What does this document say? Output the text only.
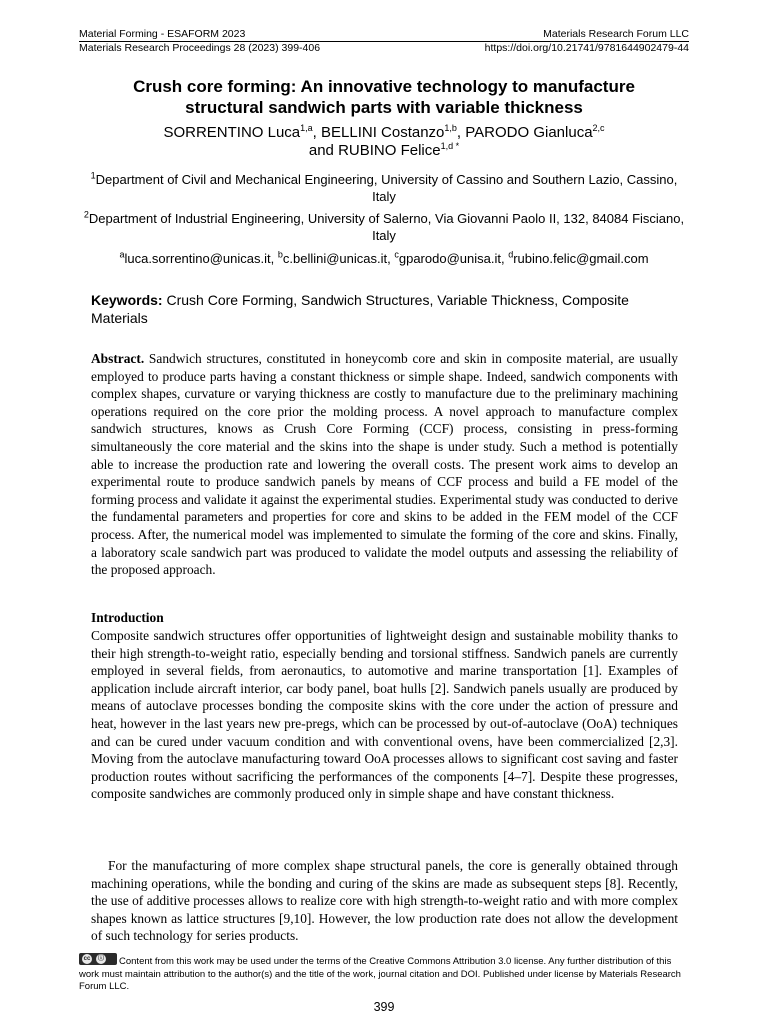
Material Forming - ESAFORM 2023	Materials Research Forum LLC
Materials Research Proceedings 28 (2023) 399-406	https://doi.org/10.21741/9781644902479-44
Crush core forming: An innovative technology to manufacture
structural sandwich parts with variable thickness
SORRENTINO Luca$^{1,a}$, BELLINI Costanzo$^{1,b}$, PARODO Gianluca$^{2,c}$
and RUBINO Felice$^{1,d *}$
$^1$Department of Civil and Mechanical Engineering, University of Cassino and Southern Lazio, Cassino, Italy
$^2$Department of Industrial Engineering, University of Salerno, Via Giovanni Paolo II, 132, 84084 Fisciano, Italy
$^a$luca.sorrentino@unicas.it, $^b$c.bellini@unicas.it, $^c$gparodo@unisa.it, $^d$rubino.felic@gmail.com
Keywords: Crush Core Forming, Sandwich Structures, Variable Thickness, Composite Materials
Abstract. Sandwich structures, constituted in honeycomb core and skin in composite material, are usually employed to produce parts having a constant thickness or simple shape. Indeed, sandwich components with complex shapes, curvature or varying thickness are costly to manufacture due to the preliminary machining operations required on the core prior the molding process. A novel approach to manufacture complex sandwich structures, knows as Crush Core Forming (CCF) process, consisting in press-forming simultaneously the core material and the skins into the shape is under study. Such a method is potentially able to increase the production rate and lowering the overall costs. The present work aims to develop an experimental route to produce sandwich panels by means of CCF process and build a FE model of the forming process and validate it against the experimental studies. Experimental study was conducted to derive the fundamental parameters and properties for core and skins to be added in the FEM model of the CCF process. After, the numerical model was implemented to simulate the forming of the core and skins. Finally, a laboratory scale sandwich part was produced to validate the model outputs and assessing the reliability of the proposed approach.
Introduction
Composite sandwich structures offer opportunities of lightweight design and sustainable mobility thanks to their high strength-to-weight ratio, especially bending and torsional stiffness. Sandwich panels are currently employed in several fields, from aeronautics, to automotive and marine transportation [1]. Examples of application include aircraft interior, car body panel, boat hulls [2]. Sandwich panels usually are produced by means of autoclave processes bonding the composite skins with the core under the action of pressure and heat, however in the last years new pre-pregs, which can be processed by out-of-autoclave (OoA) techniques and can be cured under vacuum condition and with conventional ovens, have been commercialized [2,3]. Moving from the autoclave manufacturing toward OoA processes allows to significant cost saving and faster production routes without sacrificing the performances of the components [4–7]. Despite these progresses, composite sandwiches are commonly produced only in simple shape and have constant thickness.
For the manufacturing of more complex shape structural panels, the core is generally obtained through machining operations, while the bonding and curing of the skins are made as subsequent steps [8]. Recently, the use of additive processes allows to realize core with high strength-to-weight ratio and with more complex shapes known as lattice structures [9,10]. However, the low production rate does not allow the development of such technology for series products.
cc	ⓘ Content from this work may be used under the terms of the Creative Commons Attribution 3.0 license. Any further distribution of this work must maintain attribution to the author(s) and the title of the work, journal citation and DOI. Published under license by Materials Research Forum LLC.
399
